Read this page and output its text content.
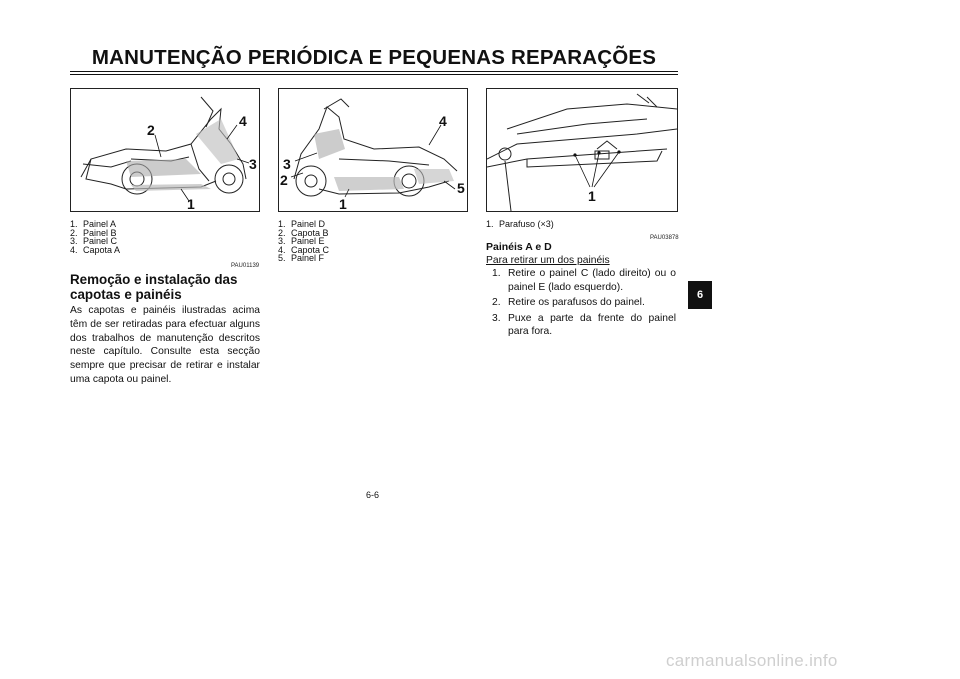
MANUTENÇÃO PERIÓDICA E PEQUENAS REPARAÇÕES
2
4
3
1
3
2
4
5
1	1
1. Painel A
2. Painel B
3. Painel C
4. Capota A
PAU01139
1. Painel D
2. Capota B
3. Painel E
4. Capota C
5. Painel F
1. Parafuso (×3)
PAU03878
Remoção e instalação das capotas e painéis
As capotas e painéis ilustradas acima têm de ser retiradas para efectuar alguns dos trabalhos de manutenção descritos neste capítulo. Consulte esta secção sempre que precisar de retirar e instalar uma capota ou painel.
Painéis A e D
Para retirar um dos painéis
1. Retire o painel C (lado direito) ou o painel E (lado esquerdo).
2. Retire os parafusos do painel.
3. Puxe a parte da frente do painel para fora.
6-6
6
carmanualsonline.info
